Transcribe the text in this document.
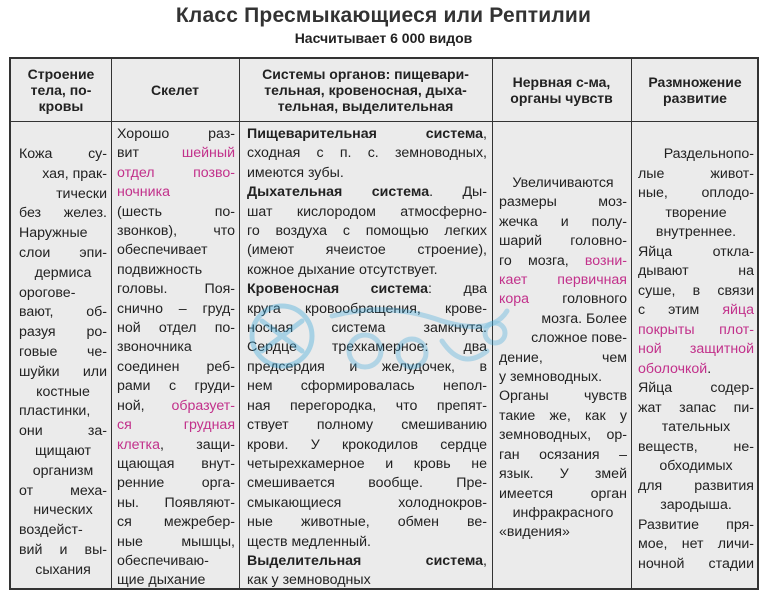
Класс Пресмыкающиеся или Рептилии
Насчитывает 6 000 видов
Строение
тела, по-
кровы
Скелет
Системы органов: пищевари-
тельная, кровеносная, дыха-
тельная, выделительная
Нервная с-ма,
органы чувств
Размножение
развитие

Кожа су-

хая, прак-

тически

без желез.

Наружные

слои эпи-

дермиса

орогове-

вают, об-

разуя ро-

говые че-

шуйки или

костные

пластинки,

они за-

щищают

организм

от меха-

нических

воздейст-

вий и вы-

сыхания

Хорошо раз-

вит шейный

отдел позво-

ночника

(шесть по-

звонков), что

обеспечивает

подвижность

головы. Поя-

снично – груд-

ной отдел по-

звоночника

соединен реб-

рами с груди-

ной, образует-

ся грудная

клетка, защи-

щающая внут-

ренние орга-

ны. Появляют-

ся межребер-

ные мышцы,

обеспечиваю-

щие дыхание

Пищеварительная система,

сходная с п. с. земноводных,

имеются зубы.

Дыхательная система. Ды-

шат кислородом атмосферно-

го воздуха с помощью легких

(имеют ячеистое строение),

кожное дыхание отсутствует.

Кровеносная система: два

круга кровообращения, крове-

носная система замкнута.

Сердце трехкамерное: два

предсердия и желудочек, в

нем сформировалась непол-

ная перегородка, что препят-

ствует полному смешиванию

крови. У крокодилов сердце

четырехкамерное и кровь не

смешивается вообще. Пре-

смыкающиеся холоднокров-

ные животные, обмен ве-

ществ медленный.

Выделительная система,

как у земноводных

Увеличиваются

размеры моз-

жечка и полу-

шарий головно-

го мозга, возни-

кает первичная

кора головного

мозга. Более

сложное пове-

дение, чем

у земноводных.

Органы чувств

такие же, как у

земноводных, ор-

ган осязания –

язык. У змей

имеется орган

инфракрасного

«видения»

Раздельнопо-

лые живот-

ные, оплодо-

творение

внутреннее.

Яйца откла-

дывают на

суше, в связи

с этим яйца

покрыты плот-

ной защитной

оболочкой.

Яйца содер-

жат запас пи-

тательных

веществ, не-

обходимых

для развития

зародыша.

Развитие пря-

мое, нет личи-

ночной стадии
